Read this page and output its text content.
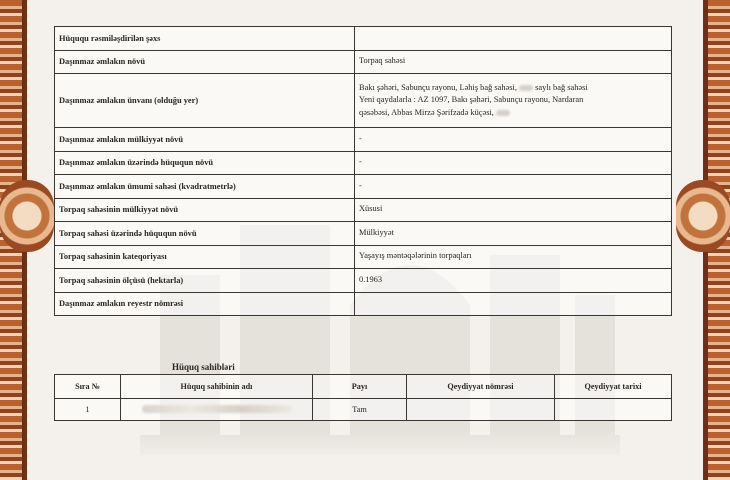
Hüququ rəsmiləşdirilən şəxs	
Daşınmaz əmlakın növü	Torpaq sahəsi
Daşınmaz əmlakın ünvanı (olduğu yer)	Bakı şəhəri, Sabunçu rayonu, Ləhiş bağ sahəsi, saylı bağ sahəsi
Yeni qaydalarla : AZ 1097, Bakı şəhəri, Sabunçu rayonu, Nardaran
qəsəbəsi, Abbas Mirzə Şərifzadə küçəsi,
Daşınmaz əmlakın mülkiyyət növü	-
Daşınmaz əmlakın üzərində hüququn növü	-
Daşınmaz əmlakın ümumi sahəsi (kvadratmetrlə)	-
Torpaq sahəsinin mülkiyyət növü	Xüsusi
Torpaq sahəsi üzərində hüququn növü	Mülkiyyət
Torpaq sahəsinin kateqoriyası	Yaşayış məntəqələrinin torpaqları
Torpaq sahəsinin ölçüsü (hektarla)	0.1963
Daşınmaz əmlakın reyestr nömrəsi	
Hüquq sahibləri
Sıra №	Hüquq sahibinin adı	Payı	Qeydiyyat nömrəsi	Qeydiyyat tarixi
1		Tam		
